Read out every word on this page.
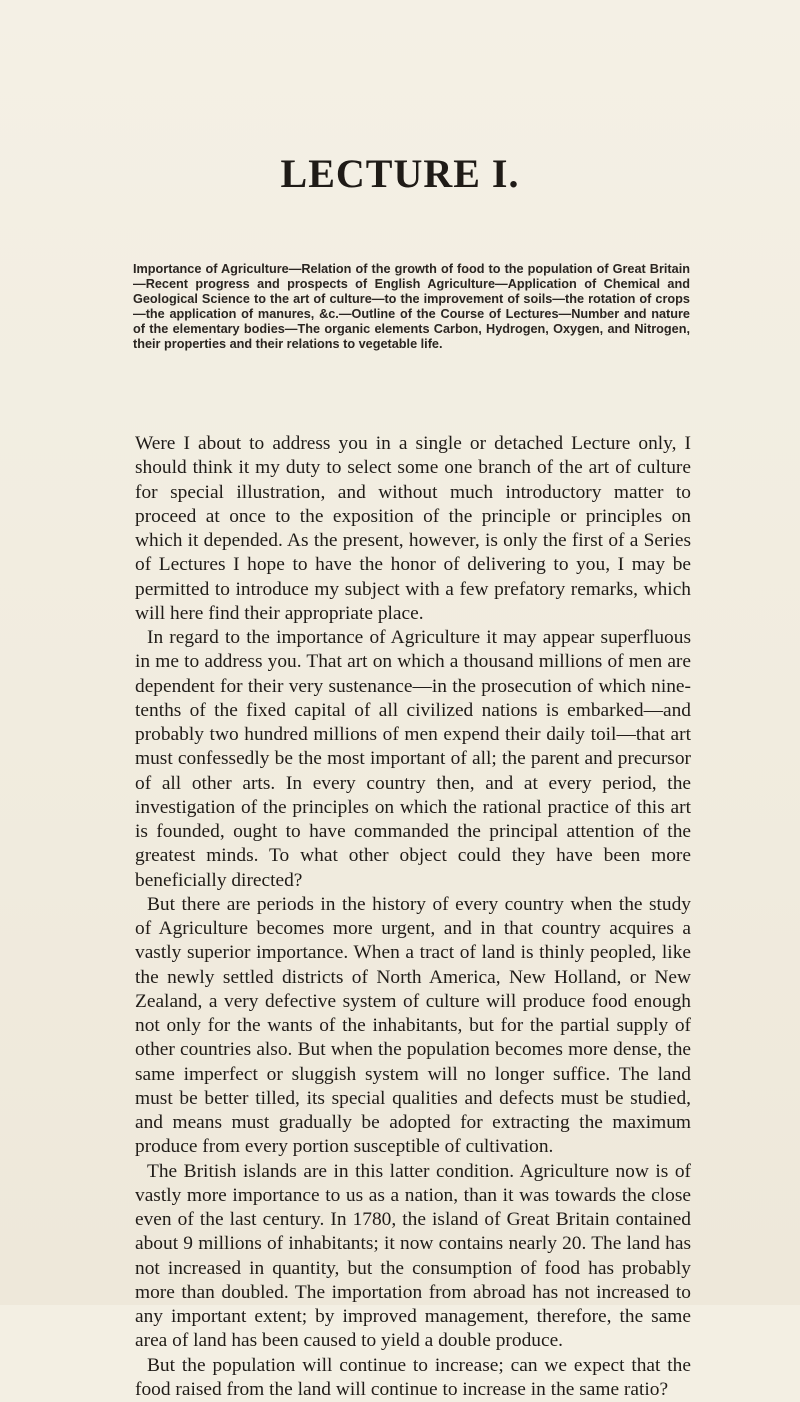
LECTURE I.

Importance of Agriculture—Relation of the growth of food to the population of Great Britain—Recent progress and prospects of English Agriculture—Application of Chemical and Geological Science to the art of culture—to the improvement of soils—the rotation of crops—the application of manures, &c.—Outline of the Course of Lectures—Number and nature of the elementary bodies—The organic elements Carbon, Hydrogen, Oxygen, and Nitrogen, their properties and their relations to vegetable life.

Were I about to address you in a single or detached Lecture only, I should think it my duty to select some one branch of the art of culture for special illustration, and without much introductory matter to proceed at once to the exposition of the principle or principles on which it depended. As the present, however, is only the first of a Series of Lectures I hope to have the honor of delivering to you, I may be permitted to introduce my subject with a few prefatory remarks, which will here find their appropriate place.

In regard to the importance of Agriculture it may appear superfluous in me to address you. That art on which a thousand millions of men are dependent for their very sustenance—in the prosecution of which nine-tenths of the fixed capital of all civilized nations is embarked—and probably two hundred millions of men expend their daily toil—that art must confessedly be the most important of all; the parent and precursor of all other arts. In every country then, and at every period, the investigation of the principles on which the rational practice of this art is founded, ought to have commanded the principal attention of the greatest minds. To what other object could they have been more beneficially directed?

But there are periods in the history of every country when the study of Agriculture becomes more urgent, and in that country acquires a vastly superior importance. When a tract of land is thinly peopled, like the newly settled districts of North America, New Holland, or New Zealand, a very defective system of culture will produce food enough not only for the wants of the inhabitants, but for the partial supply of other countries also. But when the population becomes more dense, the same imperfect or sluggish system will no longer suffice. The land must be better tilled, its special qualities and defects must be studied, and means must gradually be adopted for extracting the maximum produce from every portion susceptible of cultivation.

The British islands are in this latter condition. Agriculture now is of vastly more importance to us as a nation, than it was towards the close even of the last century. In 1780, the island of Great Britain contained about 9 millions of inhabitants; it now contains nearly 20. The land has not increased in quantity, but the consumption of food has probably more than doubled. The importation from abroad has not increased to any important extent; by improved management, therefore, the same area of land has been caused to yield a double produce.

But the population will continue to increase; can we expect that the food raised from the land will continue to increase in the same ratio?
